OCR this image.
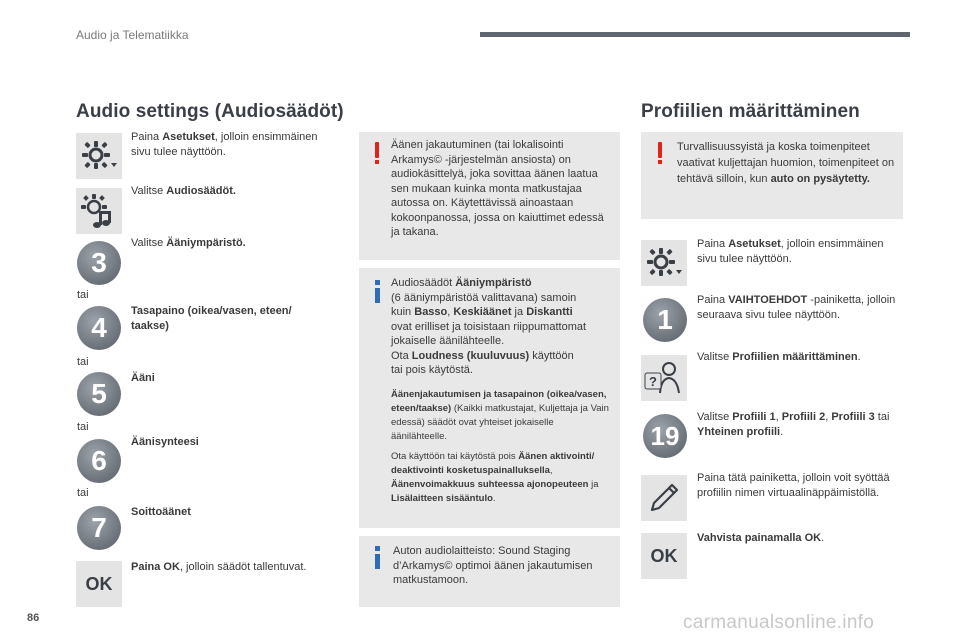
Audio ja Telematiikka
Audio settings (Audiosäädöt)
Paina Asetukset, jolloin ensimmäinen sivu tulee näyttöön.
Valitse Audiosäädöt.
3
Valitse Ääniympäristö.
tai
4
Tasapaino (oikea/vasen, eteen/ taakse)
tai
5	Ääni
tai
6
Äänisynteesi
tai
7	Soittoäänet
OK
Paina OK, jolloin säädöt tallentuvat.
Äänen jakautuminen (tai lokalisointi Arkamys© -järjestelmän ansiosta) on audiokäsittelyä, joka sovittaa äänen laatua sen mukaan kuinka monta matkustajaa autossa on. Käytettävissä ainoastaan kokoonpanossa, jossa on kaiuttimet edessä ja takana.
Audiosäädöt Ääniympäristö
(6 ääniympäristöä valittavana) samoin
kuin Basso, Keskiäänet ja Diskantti
ovat erilliset ja toisistaan riippumattomat
jokaiselle äänilähteelle.
Ota Loudness (kuuluvuus) käyttöön
tai pois käytöstä.
Äänenjakautumisen ja tasapainon (oikea/vasen, eteen/taakse) (Kaikki matkustajat, Kuljettaja ja Vain edessä) säädöt ovat yhteiset jokaiselle äänilähteelle.
Ota käyttöön tai käytöstä pois Äänen aktivointi/ deaktivointi kosketuspainalluksella, Äänenvoimakkuus suhteessa ajonopeuteen ja Lisälaitteen sisääntulo.
Auton audiolaitteisto: Sound Staging d’Arkamys© optimoi äänen jakautumisen matkustamoon.
Profiilien määrittäminen
Turvallisuussyistä ja koska toimenpiteet vaativat kuljettajan huomion, toimenpiteet on tehtävä silloin, kun auto on pysäytetty.
Paina Asetukset, jolloin ensimmäinen sivu tulee näyttöön.
1
Paina VAIHTOEHDOT -painiketta, jolloin seuraava sivu tulee näyttöön.
?
Valitse Profiilien määrittäminen.
19
Valitse Profiili 1, Profiili 2, Profiili 3 tai Yhteinen profiili.
Paina tätä painiketta, jolloin voit syöttää profiilin nimen virtuaalinäppäimistöllä.
OK
Vahvista painamalla OK.
86	carmanualsonline.info
